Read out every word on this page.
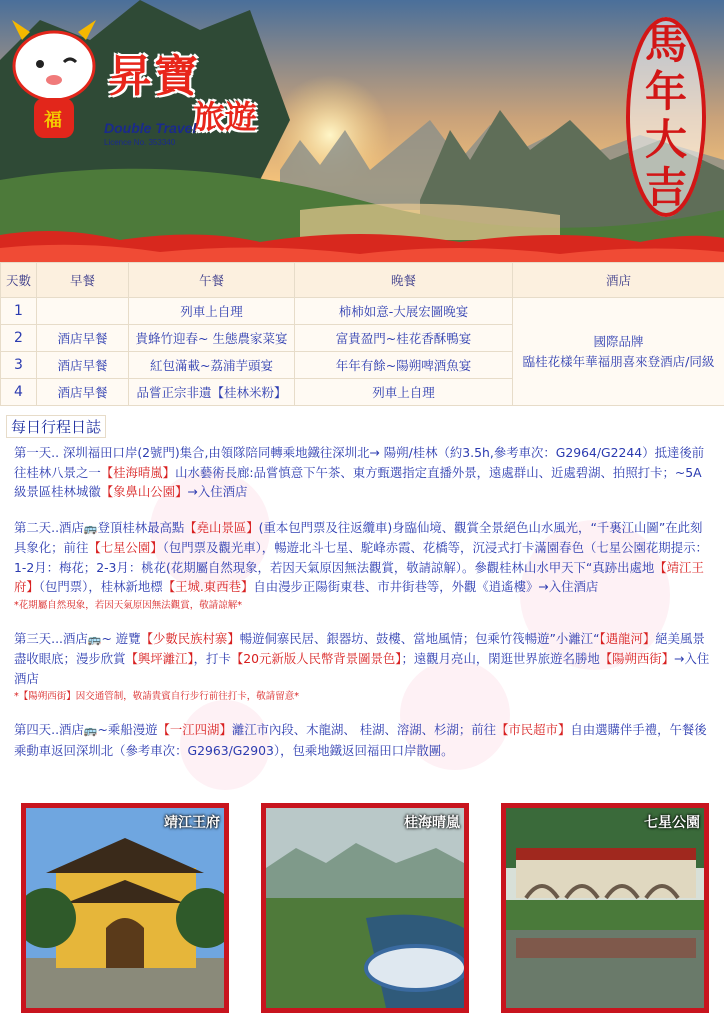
福
昇寶
旅遊
Double Travel
Licence No. 353340
馬年大吉
天數	早餐	午餐	晚餐	酒店
1		列車上自理	柿柿如意-大展宏圖晚宴	國際品牌
臨桂花樣年華福朋喜來登酒店/同級

2	酒店早餐	貴蜂竹迎春~ 生態農家菜宴	富貴盈門~桂花香酥鴨宴	
3	酒店早餐	紅包滿載~荔浦芋頭宴	年年有餘~陽朔啤酒魚宴	
4	酒店早餐	品嘗正宗非遺【桂林米粉】	列車上自理	
每日行程日誌

第一天.. 深圳福田口岸(2號門)集合,由領隊陪同轉乘地鐵往深圳北→ 陽朔/桂林（約3.5h,參考車次：G2964/G2244）抵達後前往桂林八景之一【桂海晴嵐】山水藝術長廊:品嘗慎意下午茶、東方甄選指定直播外景，遠處群山、近處碧湖、拍照打卡；~5A級景區桂林城徽【象鼻山公園】→入住酒店

第二天..酒店🚌登頂桂林最高點【堯山景區】(重本包門票及往返纜車)身臨仙境、觀賞全景絕色山水風光，“千裏江山圖”在此刻具象化；前往【七星公園】（包門票及觀光車），暢遊北斗七星、駝峰赤霞、花橋等，沉浸式打卡滿園春色（七星公園花期提示：1-2月：梅花；2-3月：桃花(花期屬自然現象，若因天氣原因無法觀賞，敬請諒解）。參觀桂林山水甲天下“真跡出處地【靖江王府】（包門票），桂林新地標【王城.東西巷】自由漫步正陽街東巷、市井街巷等，外觀《逍遙樓》→入住酒店
*花期屬自然現象，若因天氣原因無法觀賞，敬請諒解*

第三天...酒店🚌~ 遊覽【少數民族村寨】暢遊侗寨民居、銀器坊、鼓樓、當地風情；包乘竹筏暢遊”小灕江“【遇龍河】絕美風景盡收眼底；漫步欣賞【興坪灕江】，打卡【20元新版人民幣背景圖景色】；遠觀月亮山，閑逛世界旅遊名勝地【陽朔西街】→入住酒店
*【陽朔西街】因交通管制，敬請貴賓自行步行前往打卡，敬請留意*

第四天..酒店🚌~乘船漫遊【一江四湖】灕江市內段、木龍湖、 桂湖、溶湖、杉湖；前往【市民超市】自由選購伴手禮，午餐後乘動車返回深圳北（參考車次：G2963/G2903），包乘地鐵返回福田口岸散團。

靖江王府	桂海晴嵐	七星公園
